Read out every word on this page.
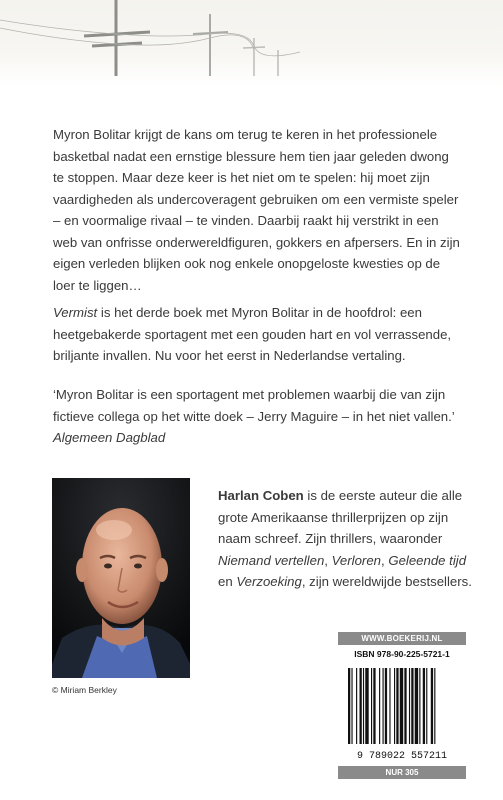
Myron Bolitar krijgt de kans om terug te keren in het professionele basketbal nadat een ernstige blessure hem tien jaar geleden dwong te stoppen. Maar deze keer is het niet om te spelen: hij moet zijn vaardigheden als undercoveragent gebruiken om een vermiste speler – en voormalige rivaal – te vinden. Daarbij raakt hij verstrikt in een web van onfrisse onderwereldfiguren, gokkers en afpersers. En in zijn eigen verleden blijken ook nog enkele onopgeloste kwesties op de loer te liggen…

Vermist is het derde boek met Myron Bolitar in de hoofdrol: een heetgebakerde sportagent met een gouden hart en vol verrassende, briljante invallen. Nu voor het eerst in Nederlandse vertaling.

‘Myron Bolitar is een sportagent met problemen waarbij die van zijn fictieve collega op het witte doek – Jerry Maguire – in het niet vallen.’
Algemeen Dagblad

© Miriam Berkley

Harlan Coben is de eerste auteur die alle grote Amerikaanse thrillerprijzen op zijn naam schreef. Zijn thrillers, waaronder Niemand vertellen, Verloren, Geleende tijd en Verzoeking, zijn wereldwijde bestsellers.

WWW.BOEKERIJ.NL
ISBN 978-90-225-5721-1
9 789022 557211
NUR 305
